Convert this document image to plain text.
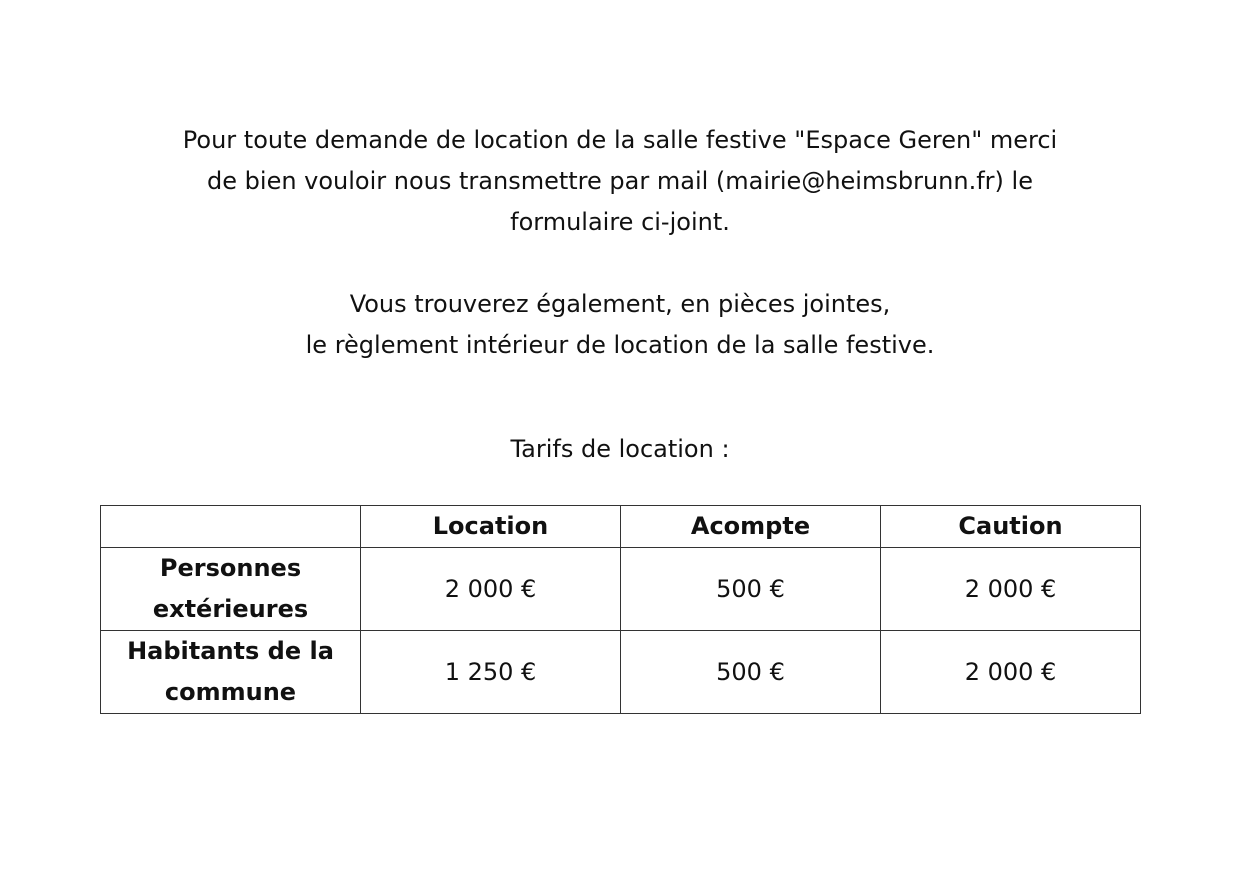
Pour toute demande de location de la salle festive "Espace Geren" merci

de bien vouloir nous transmettre par mail (mairie@heimsbrunn.fr) le

formulaire ci-joint.

Vous trouverez également, en pièces jointes,

le règlement intérieur de location de la salle festive.

Tarifs de location :
	Location	Acompte	Caution
Personnes extérieures	2 000 €	500 €	2 000 €
Habitants de la commune	1 250 €	500 €	2 000 €
